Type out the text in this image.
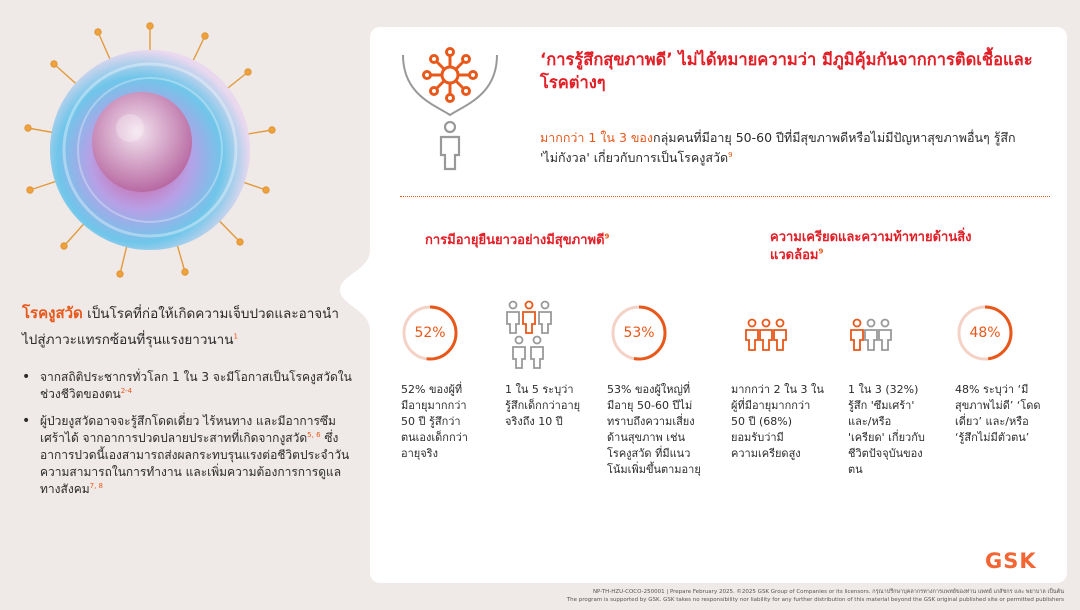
โรคงูสวัด เป็นโรคที่ก่อให้เกิดความเจ็บปวดและอาจนำไปสู่ภาวะแทรกซ้อนที่รุนแรงยาวนาน$^1$

• จากสถิติประชากรทั่วโลก 1 ใน 3 จะมีโอกาสเป็นโรคงูสวัดในช่วงชีวิตของตน$^{2-4}$
• ผู้ป่วยงูสวัดอาจจะรู้สึกโดดเดี่ยว ไร้หนทาง และมีอาการซึมเศร้าได้ จากอาการปวดปลายประสาทที่เกิดจากงูสวัด$^{5, 6}$ ซึ่งอาการปวดนี้เองสามารถส่งผลกระทบรุนแรงต่อชีวิตประจำวัน ความสามารถในการทำงาน และเพิ่มความต้องการการดูแลทางสังคม$^{7, 8}$
‘การรู้สึกสุขภาพดี’ ไม่ได้หมายความว่า มีภูมิคุ้มกันจากการติดเชื้อและโรคต่างๆ

มากกว่า 1 ใน 3 ของกลุ่มคนที่มีอายุ 50-60 ปีที่มีสุขภาพดีหรือไม่มีปัญหาสุขภาพอื่นๆ รู้สึก 'ไม่กังวล' เกี่ยวกับการเป็นโรคงูสวัด$^9$

การมีอายุยืนยาวอย่างมีสุขภาพดี$^9$	ความเครียดและความท้าทายด้านสิ่งแวดล้อม$^9$

52%

52% ของผู้ที่มีอายุมากกว่า 50 ปี รู้สึกว่าตนเองเด็กกว่าอายุจริง

1 ใน 5 ระบุว่ารู้สึกเด็กกว่าอายุจริงถึง 10 ปี

53%

53% ของผู้ใหญ่ที่มีอายุ 50-60 ปีไม่ทราบถึงความเสี่ยงด้านสุขภาพ เช่น โรคงูสวัด ที่มีแนวโน้มเพิ่มขึ้นตามอายุ

มากกว่า 2 ใน 3 ในผู้ที่มีอายุมากกว่า 50 ปี (68%) ยอมรับว่ามีความเครียดสูง

1 ใน 3 (32%) รู้สึก 'ซึมเศร้า' และ/หรือ 'เครียด' เกี่ยวกับชีวิตปัจจุบันของตน

48%

48% ระบุว่า ‘มีสุขภาพไม่ดี’ ‘โดดเดี่ยว’ และ/หรือ ‘รู้สึกไม่มีตัวตน’

GSK
NP-TH-HZU-COCO-250001 | Prepare February 2025. ©2025 GSK Group of Companies or its licensors. กรุณาปรึกษาบุคลากรทางการแพทย์ของท่าน แพทย์ เภสัชกร และ พยาบาล เป็นต้น
The program is supported by GSK. GSK takes no responsibility nor liability for any further distribution of this material beyond the GSK original published site or permitted publishers
